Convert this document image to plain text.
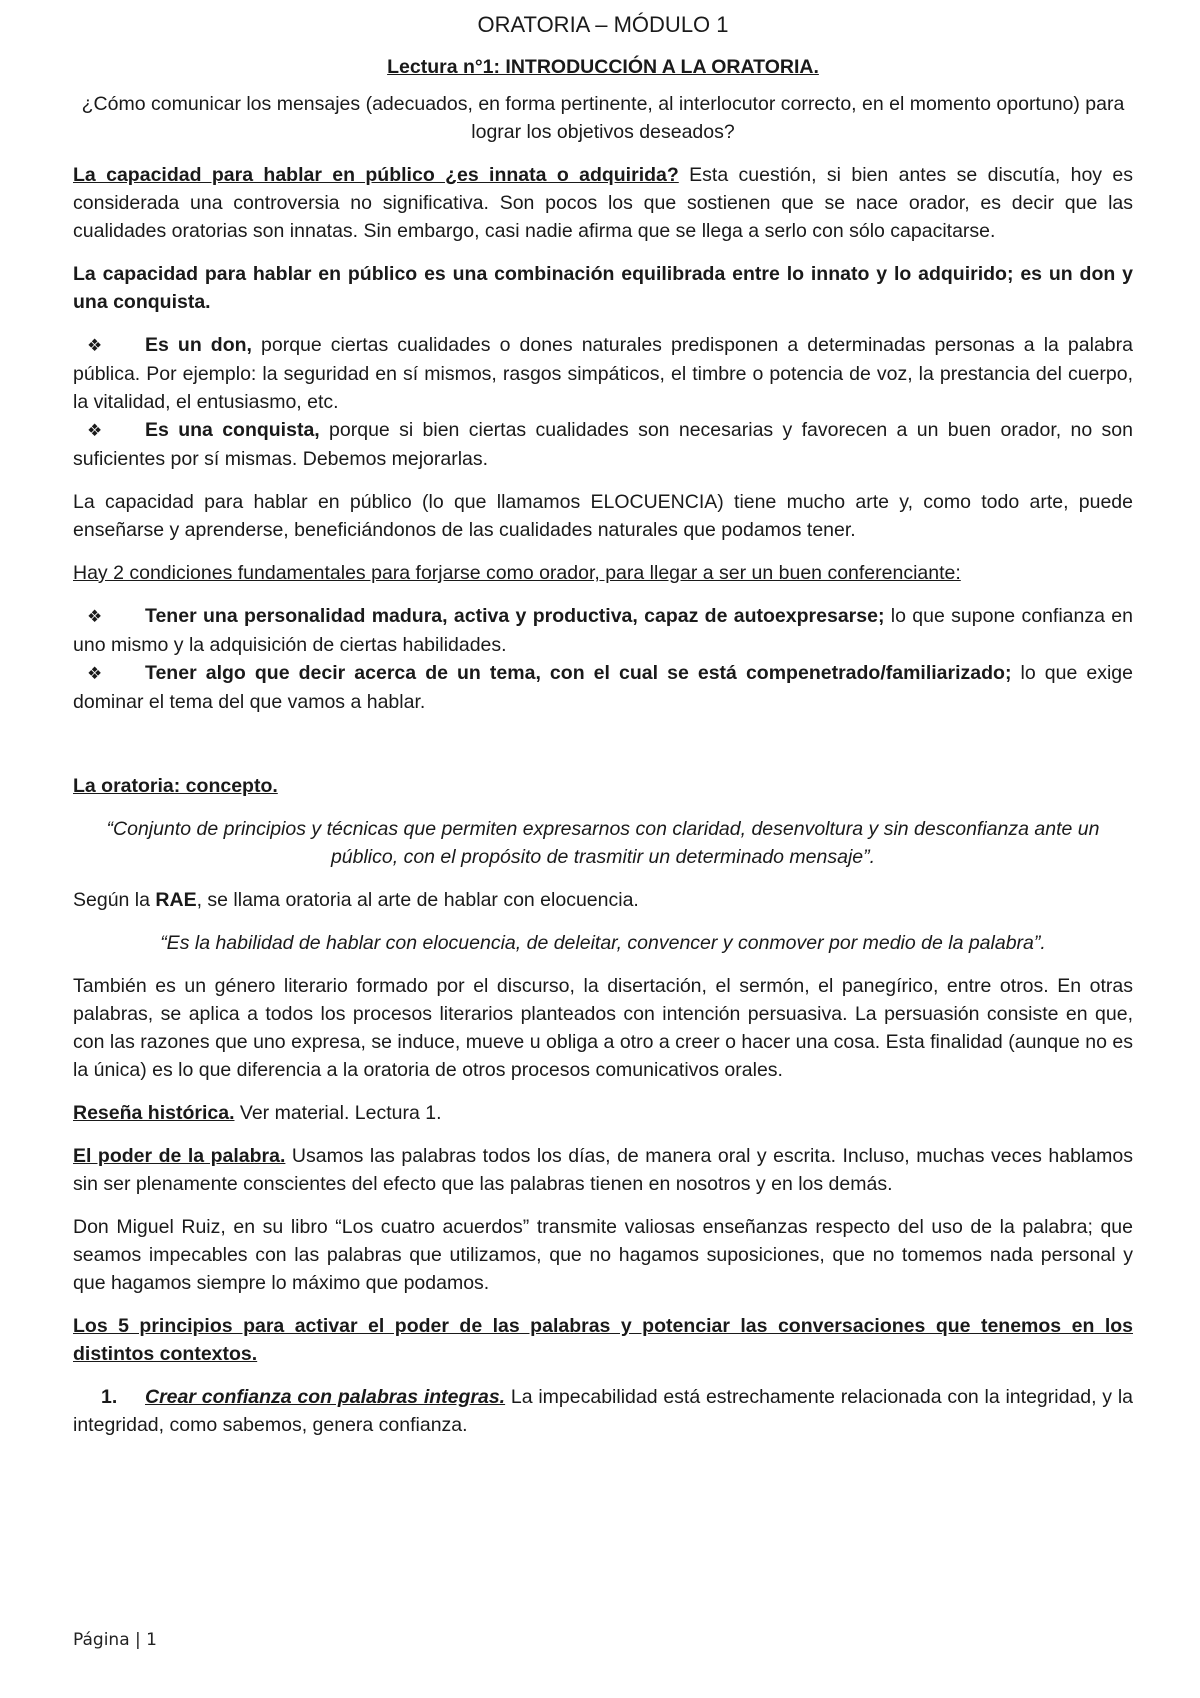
ORATORIA – MÓDULO 1

Lectura n°1: INTRODUCCIÓN A LA ORATORIA.

¿Cómo comunicar los mensajes (adecuados, en forma pertinente, al interlocutor correcto, en el momento oportuno) para lograr los objetivos deseados?

La capacidad para hablar en público ¿es innata o adquirida? Esta cuestión, si bien antes se discutía, hoy es considerada una controversia no significativa. Son pocos los que sostienen que se nace orador, es decir que las cualidades oratorias son innatas. Sin embargo, casi nadie afirma que se llega a serlo con sólo capacitarse.

La capacidad para hablar en público es una combinación equilibrada entre lo innato y lo adquirido; es un don y una conquista.

❖ Es un don, porque ciertas cualidades o dones naturales predisponen a determinadas personas a la palabra pública. Por ejemplo: la seguridad en sí mismos, rasgos simpáticos, el timbre o potencia de voz, la prestancia del cuerpo, la vitalidad, el entusiasmo, etc.

❖ Es una conquista, porque si bien ciertas cualidades son necesarias y favorecen a un buen orador, no son suficientes por sí mismas. Debemos mejorarlas.

La capacidad para hablar en público (lo que llamamos ELOCUENCIA) tiene mucho arte y, como todo arte, puede enseñarse y aprenderse, beneficiándonos de las cualidades naturales que podamos tener.

Hay 2 condiciones fundamentales para forjarse como orador, para llegar a ser un buen conferenciante:

❖ Tener una personalidad madura, activa y productiva, capaz de autoexpresarse; lo que supone confianza en uno mismo y la adquisición de ciertas habilidades.

❖ Tener algo que decir acerca de un tema, con el cual se está compenetrado/familiarizado; lo que exige dominar el tema del que vamos a hablar.

La oratoria: concepto.

“Conjunto de principios y técnicas que permiten expresarnos con claridad, desenvoltura y sin desconfianza ante un público, con el propósito de trasmitir un determinado mensaje”.

Según la RAE, se llama oratoria al arte de hablar con elocuencia.

“Es la habilidad de hablar con elocuencia, de deleitar, convencer y conmover por medio de la palabra”.

También es un género literario formado por el discurso, la disertación, el sermón, el panegírico, entre otros. En otras palabras, se aplica a todos los procesos literarios planteados con intención persuasiva. La persuasión consiste en que, con las razones que uno expresa, se induce, mueve u obliga a otro a creer o hacer una cosa. Esta finalidad (aunque no es la única) es lo que diferencia a la oratoria de otros procesos comunicativos orales.

Reseña histórica. Ver material. Lectura 1.

El poder de la palabra. Usamos las palabras todos los días, de manera oral y escrita. Incluso, muchas veces hablamos sin ser plenamente conscientes del efecto que las palabras tienen en nosotros y en los demás.

Don Miguel Ruiz, en su libro “Los cuatro acuerdos” transmite valiosas enseñanzas respecto del uso de la palabra; que seamos impecables con las palabras que utilizamos, que no hagamos suposiciones, que no tomemos nada personal y que hagamos siempre lo máximo que podamos.

Los 5 principios para activar el poder de las palabras y potenciar las conversaciones que tenemos en los distintos contextos.

1. Crear confianza con palabras integras. La impecabilidad está estrechamente relacionada con la integridad, y la integridad, como sabemos, genera confianza.

Página | 1
